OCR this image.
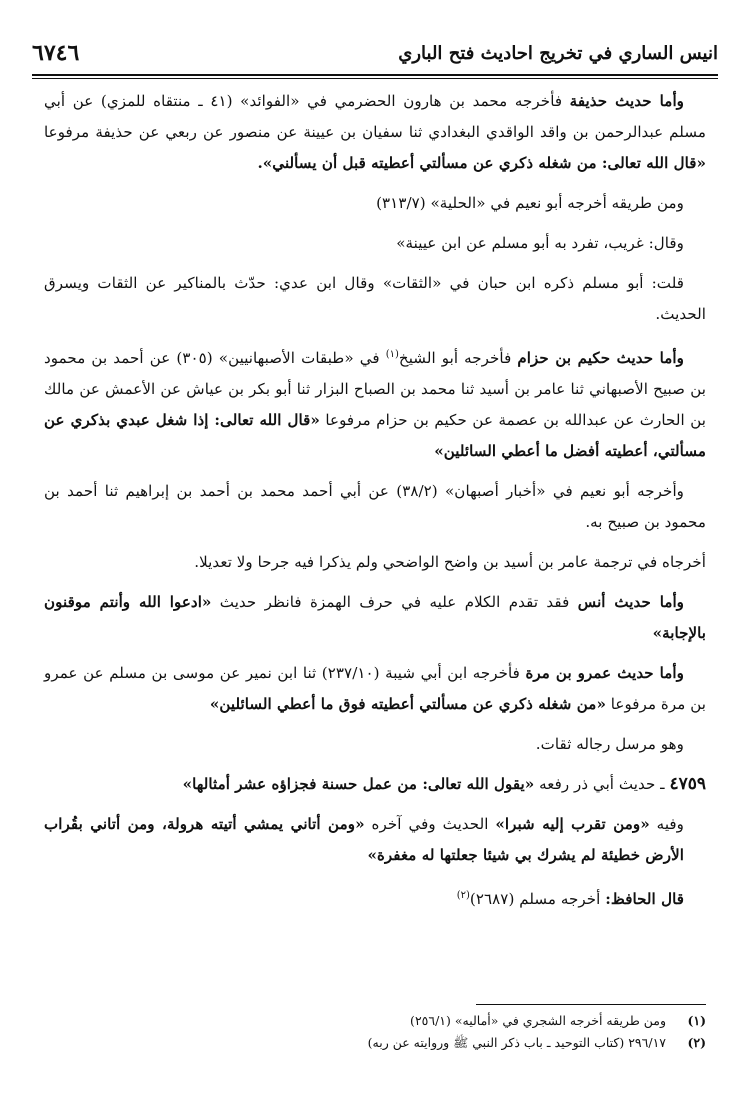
انيس الساري في تخريج احاديث فتح الباري
٦٧٤٦

وأما حديث حذيفة فأخرجه محمد بن هارون الحضرمي في «الفوائد» (٤١ ـ منتقاه للمزي) عن أبي مسلم عبدالرحمن بن واقد الواقدي البغدادي ثنا سفيان بن عيينة عن منصور عن ربعي عن حذيفة مرفوعا «قال الله تعالى: من شغله ذكري عن مسألتي أعطيته قبل أن يسألني».

ومن طريقه أخرجه أبو نعيم في «الحلية» (٣١٣/٧)

وقال: غريب، تفرد به أبو مسلم عن ابن عيينة»

قلت: أبو مسلم ذكره ابن حبان في «الثقات» وقال ابن عدي: حدّث بالمناكير عن الثقات ويسرق الحديث.

وأما حديث حكيم بن حزام فأخرجه أبو الشيخ$^{(١)}$ في «طبقات الأصبهانيين» (٣٠٥) عن أحمد بن محمود بن صبيح الأصبهاني ثنا عامر بن أسيد ثنا محمد بن الصباح البزار ثنا أبو بكر بن عياش عن الأعمش عن مالك بن الحارث عن عبدالله بن عصمة عن حكيم بن حزام مرفوعا «قال الله تعالى: إذا شغل عبدي بذكري عن مسألتي، أعطيته أفضل ما أعطي السائلين»

وأخرجه أبو نعيم في «أخبار أصبهان» (٣٨/٢) عن أبي أحمد محمد بن أحمد بن إبراهيم ثنا أحمد بن محمود بن صبيح به.

أخرجاه في ترجمة عامر بن أسيد بن واضح الواضحي ولم يذكرا فيه جرحا ولا تعديلا.

وأما حديث أنس فقد تقدم الكلام عليه في حرف الهمزة فانظر حديث «ادعوا الله وأنتم موقنون بالإجابة»

وأما حديث عمرو بن مرة فأخرجه ابن أبي شيبة (٢٣٧/١٠) ثنا ابن نمير عن موسى بن مسلم عن عمرو بن مرة مرفوعا «من شغله ذكري عن مسألتي أعطيته فوق ما أعطي السائلين»

وهو مرسل رجاله ثقات.

٤٧٥٩ ـ حديث أبي ذر رفعه «يقول الله تعالى: من عمل حسنة فجزاؤه عشر أمثالها»

وفيه «ومن تقرب إليه شبرا» الحديث وفي آخره «ومن أتاني يمشي أتيته هرولة، ومن أتاني بقُراب الأرض خطيئة لم يشرك بي شيئا جعلتها له مغفرة»

قال الحافظ: أخرجه مسلم (٢٦٨٧)$^{(٢)}$

(١)
ومن طريقه أخرجه الشجري في «أماليه» (٢٥٦/١)
(٢)
٢٩٦/١٧ (كتاب التوحيد ـ باب ذكر النبي ﷺ وروايته عن ربه)
